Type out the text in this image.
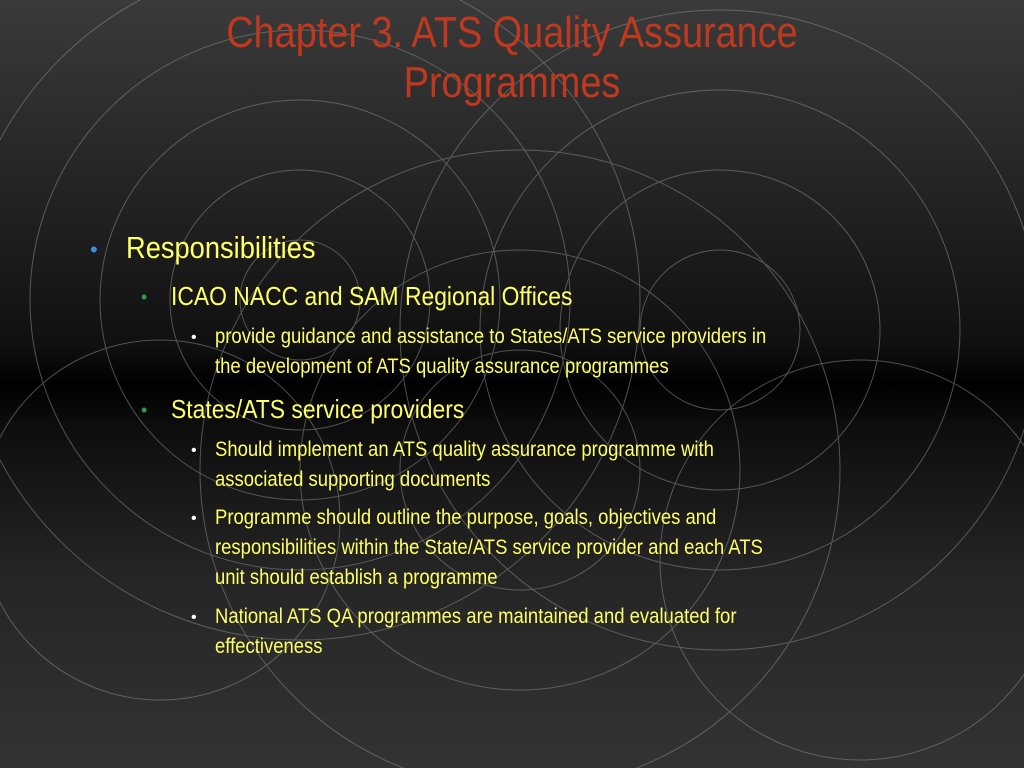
Chapter 3. ATS Quality Assurance
Programmes
• Responsibilities
• ICAO NACC and SAM Regional Offices
• provide guidance and assistance to States/ATS service providers in
the development of ATS quality assurance programmes
• States/ATS service providers
• Should implement an ATS quality assurance programme with
associated supporting documents
• Programme should outline the purpose, goals, objectives and
responsibilities within the State/ATS service provider and each ATS
unit should establish a programme
• National ATS QA programmes are maintained and evaluated for
effectiveness
